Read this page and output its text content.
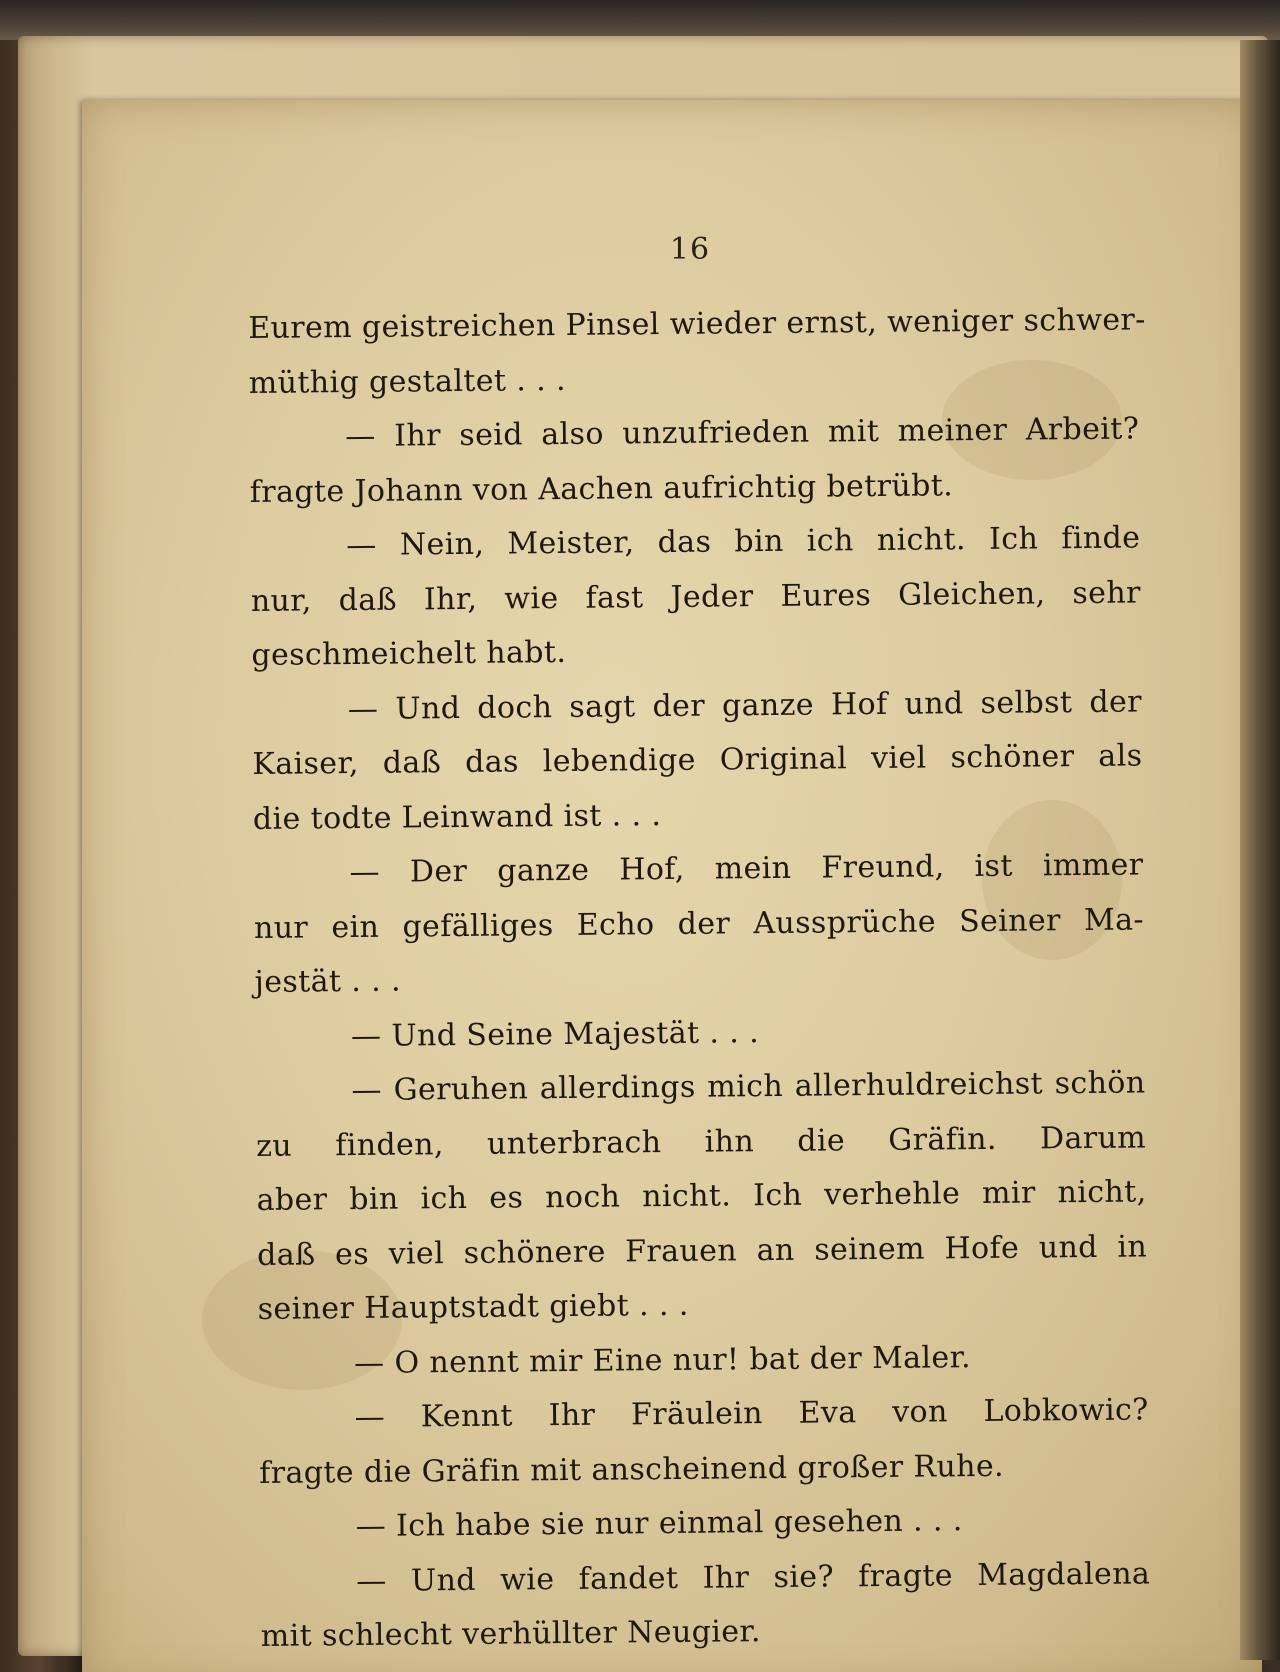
16
Eurem geistreichen Pinsel wieder ernst, weniger schwer-
müthig gestaltet . . .
— Ihr seid also unzufrieden mit meiner Arbeit?
fragte Johann von Aachen aufrichtig betrübt.
— Nein, Meister, das bin ich nicht. Ich finde
nur, daß Ihr, wie fast Jeder Eures Gleichen, sehr
geschmeichelt habt.
— Und doch sagt der ganze Hof und selbst der
Kaiser, daß das lebendige Original viel schöner als
die todte Leinwand ist . . .
— Der ganze Hof, mein Freund, ist immer
nur ein gefälliges Echo der Aussprüche Seiner Ma-
jestät . . .
— Und Seine Majestät . . .
— Geruhen allerdings mich allerhuldreichst schön
zu finden, unterbrach ihn die Gräfin. Darum
aber bin ich es noch nicht. Ich verhehle mir nicht,
daß es viel schönere Frauen an seinem Hofe und in
seiner Hauptstadt giebt . . .
— O nennt mir Eine nur! bat der Maler.
— Kennt Ihr Fräulein Eva von Lobkowic?
fragte die Gräfin mit anscheinend großer Ruhe.
— Ich habe sie nur einmal gesehen . . .
— Und wie fandet Ihr sie? fragte Magdalena
mit schlecht verhüllter Neugier.
